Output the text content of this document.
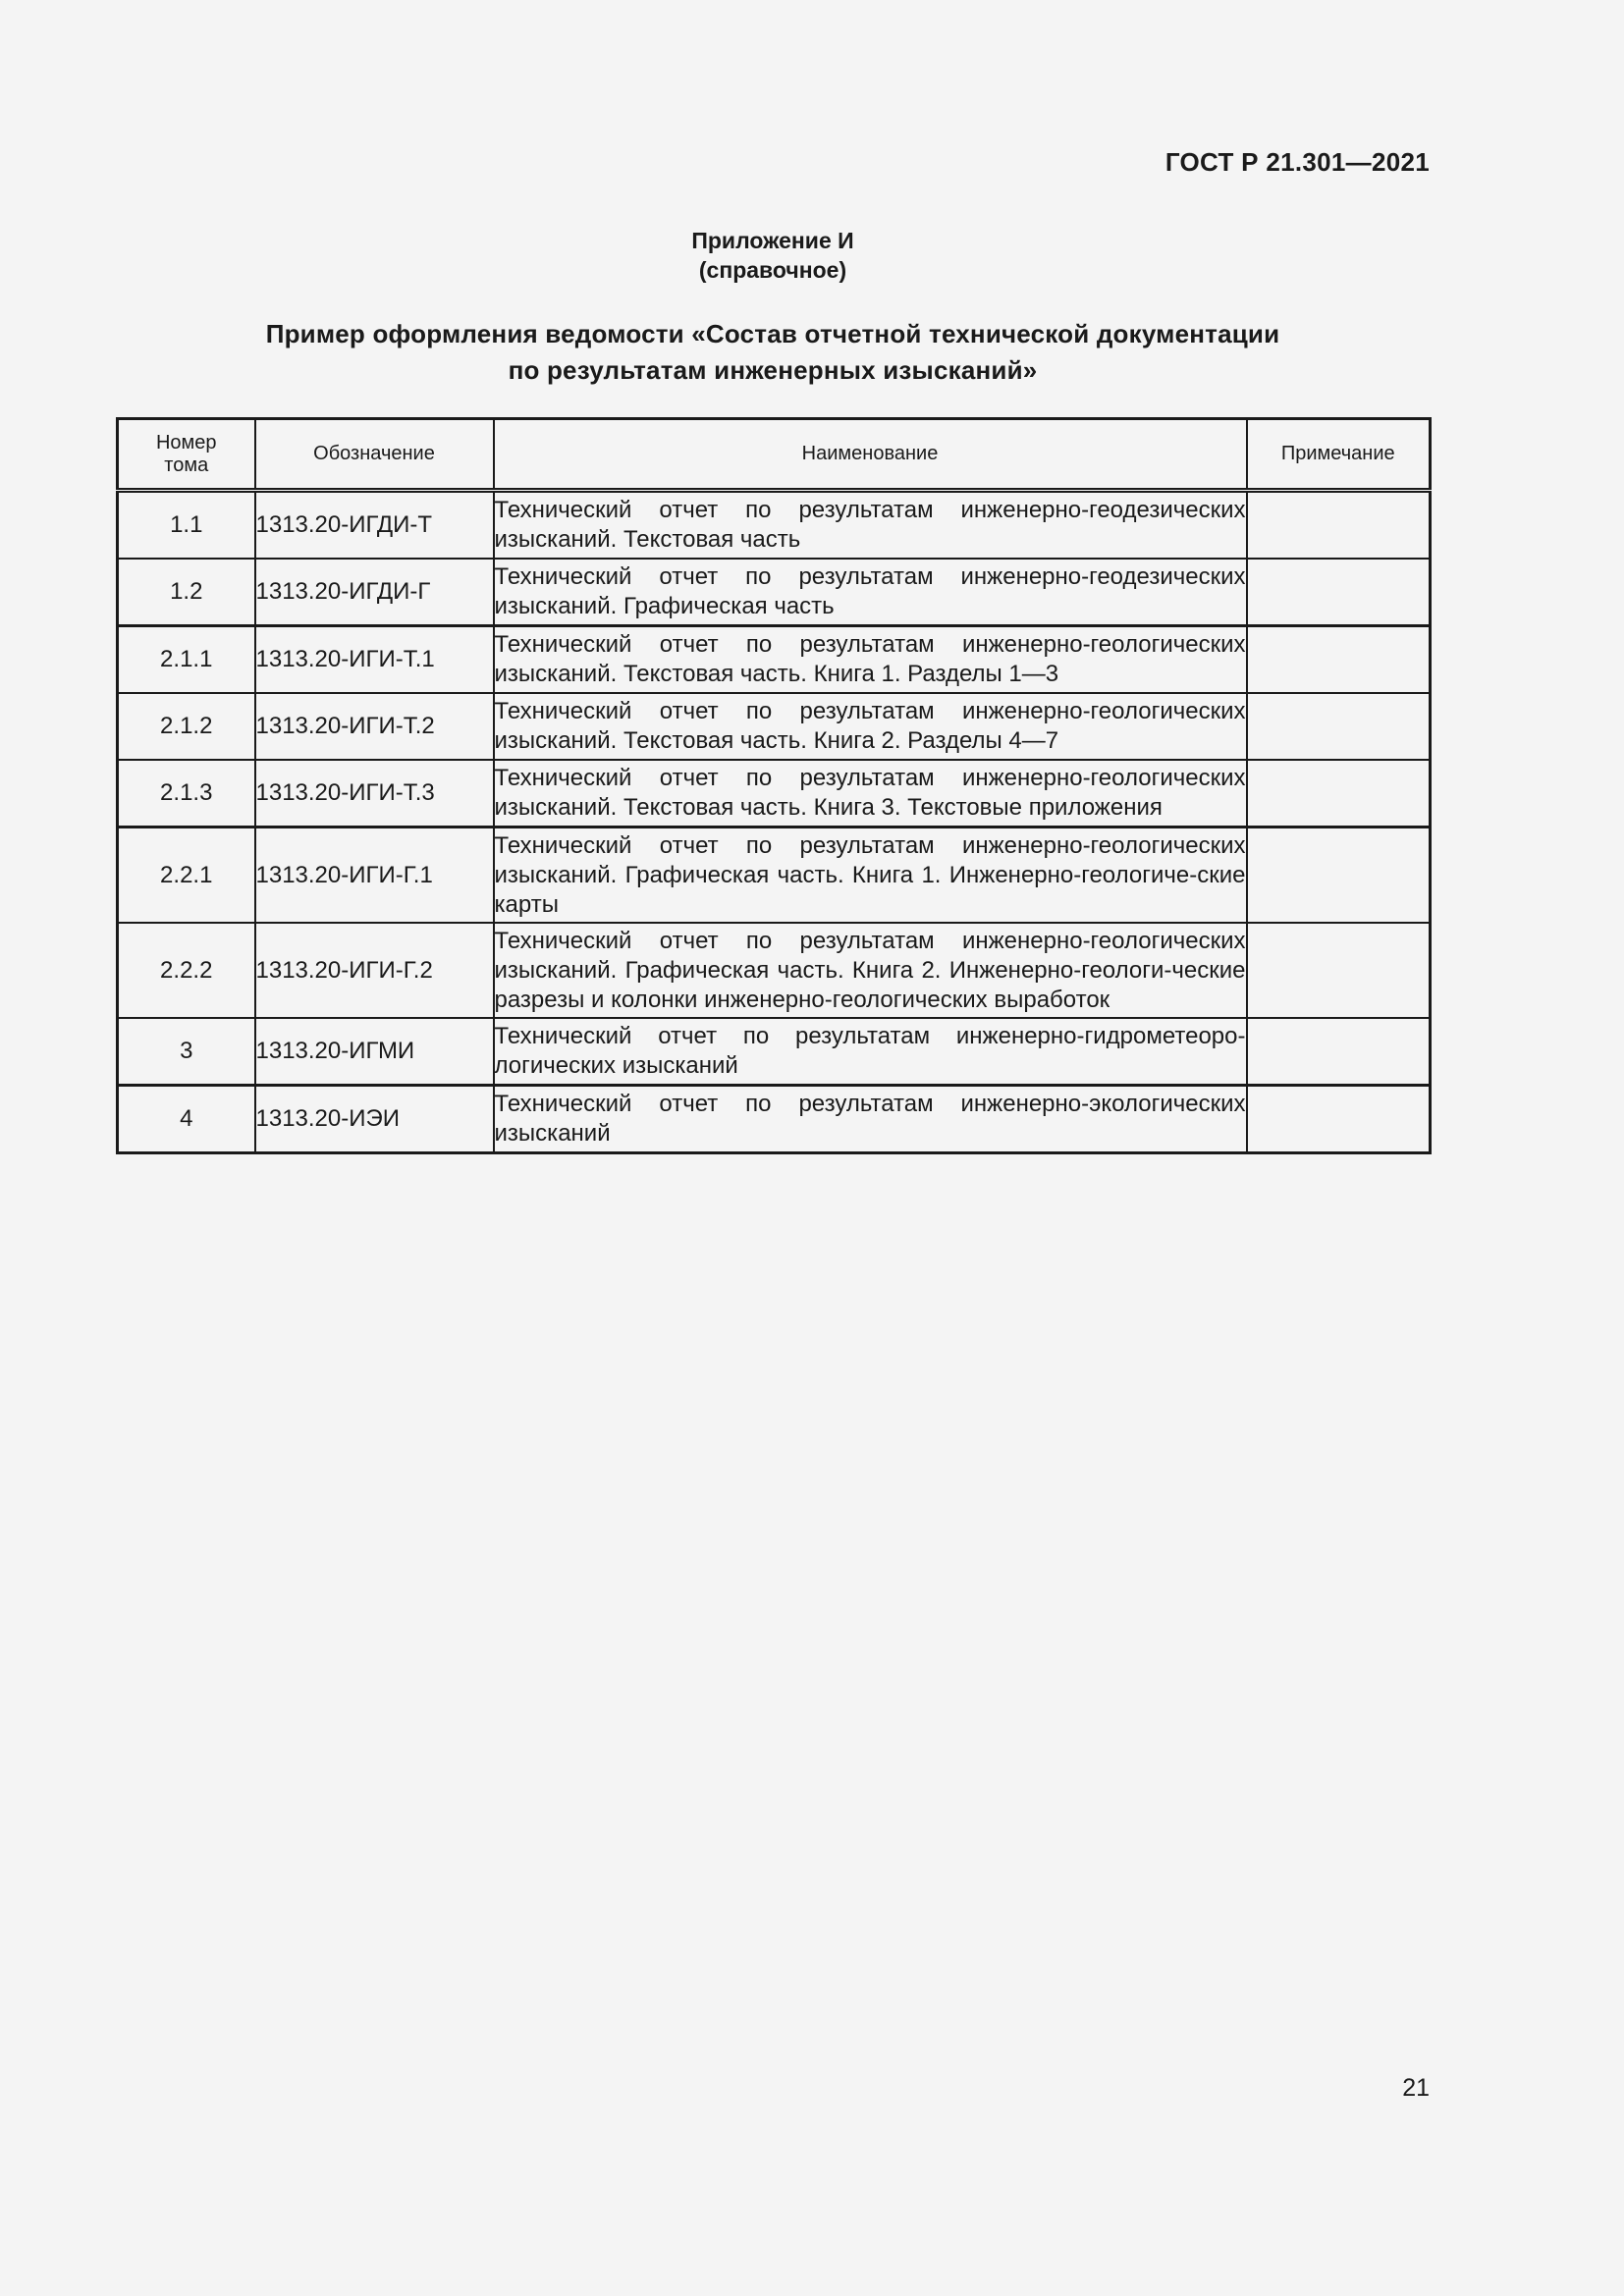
ГОСТ Р 21.301—2021
Приложение И
(справочное)
Пример оформления ведомости «Состав отчетной технической документации
по результатам инженерных изысканий»
Номер
тома	Обозначение	Наименование	Примечание
1.1	1313.20-ИГДИ-Т	Технический отчет по результатам инженерно-геодезических изысканий. Текстовая часть	
1.2	1313.20-ИГДИ-Г	Технический отчет по результатам инженерно-геодезических изысканий. Графическая часть	
2.1.1	1313.20-ИГИ-Т.1	Технический отчет по результатам инженерно-геологических изысканий. Текстовая часть. Книга 1. Разделы 1—3	
2.1.2	1313.20-ИГИ-Т.2	Технический отчет по результатам инженерно-геологических изысканий. Текстовая часть. Книга 2. Разделы 4—7	
2.1.3	1313.20-ИГИ-Т.3	Технический отчет по результатам инженерно-геологических изысканий. Текстовая часть. Книга 3. Текстовые приложения	
2.2.1	1313.20-ИГИ-Г.1	Технический отчет по результатам инженерно-геологических изысканий. Графическая часть. Книга 1. Инженерно-геологиче-ские карты	
2.2.2	1313.20-ИГИ-Г.2	Технический отчет по результатам инженерно-геологических изысканий. Графическая часть. Книга 2. Инженерно-геологи-ческие разрезы и колонки инженерно-геологических выработок	
3	1313.20-ИГМИ	Технический отчет по результатам инженерно-гидрометеоро-логических изысканий	
4	1313.20-ИЭИ	Технический отчет по результатам инженерно-экологических изысканий	
21
